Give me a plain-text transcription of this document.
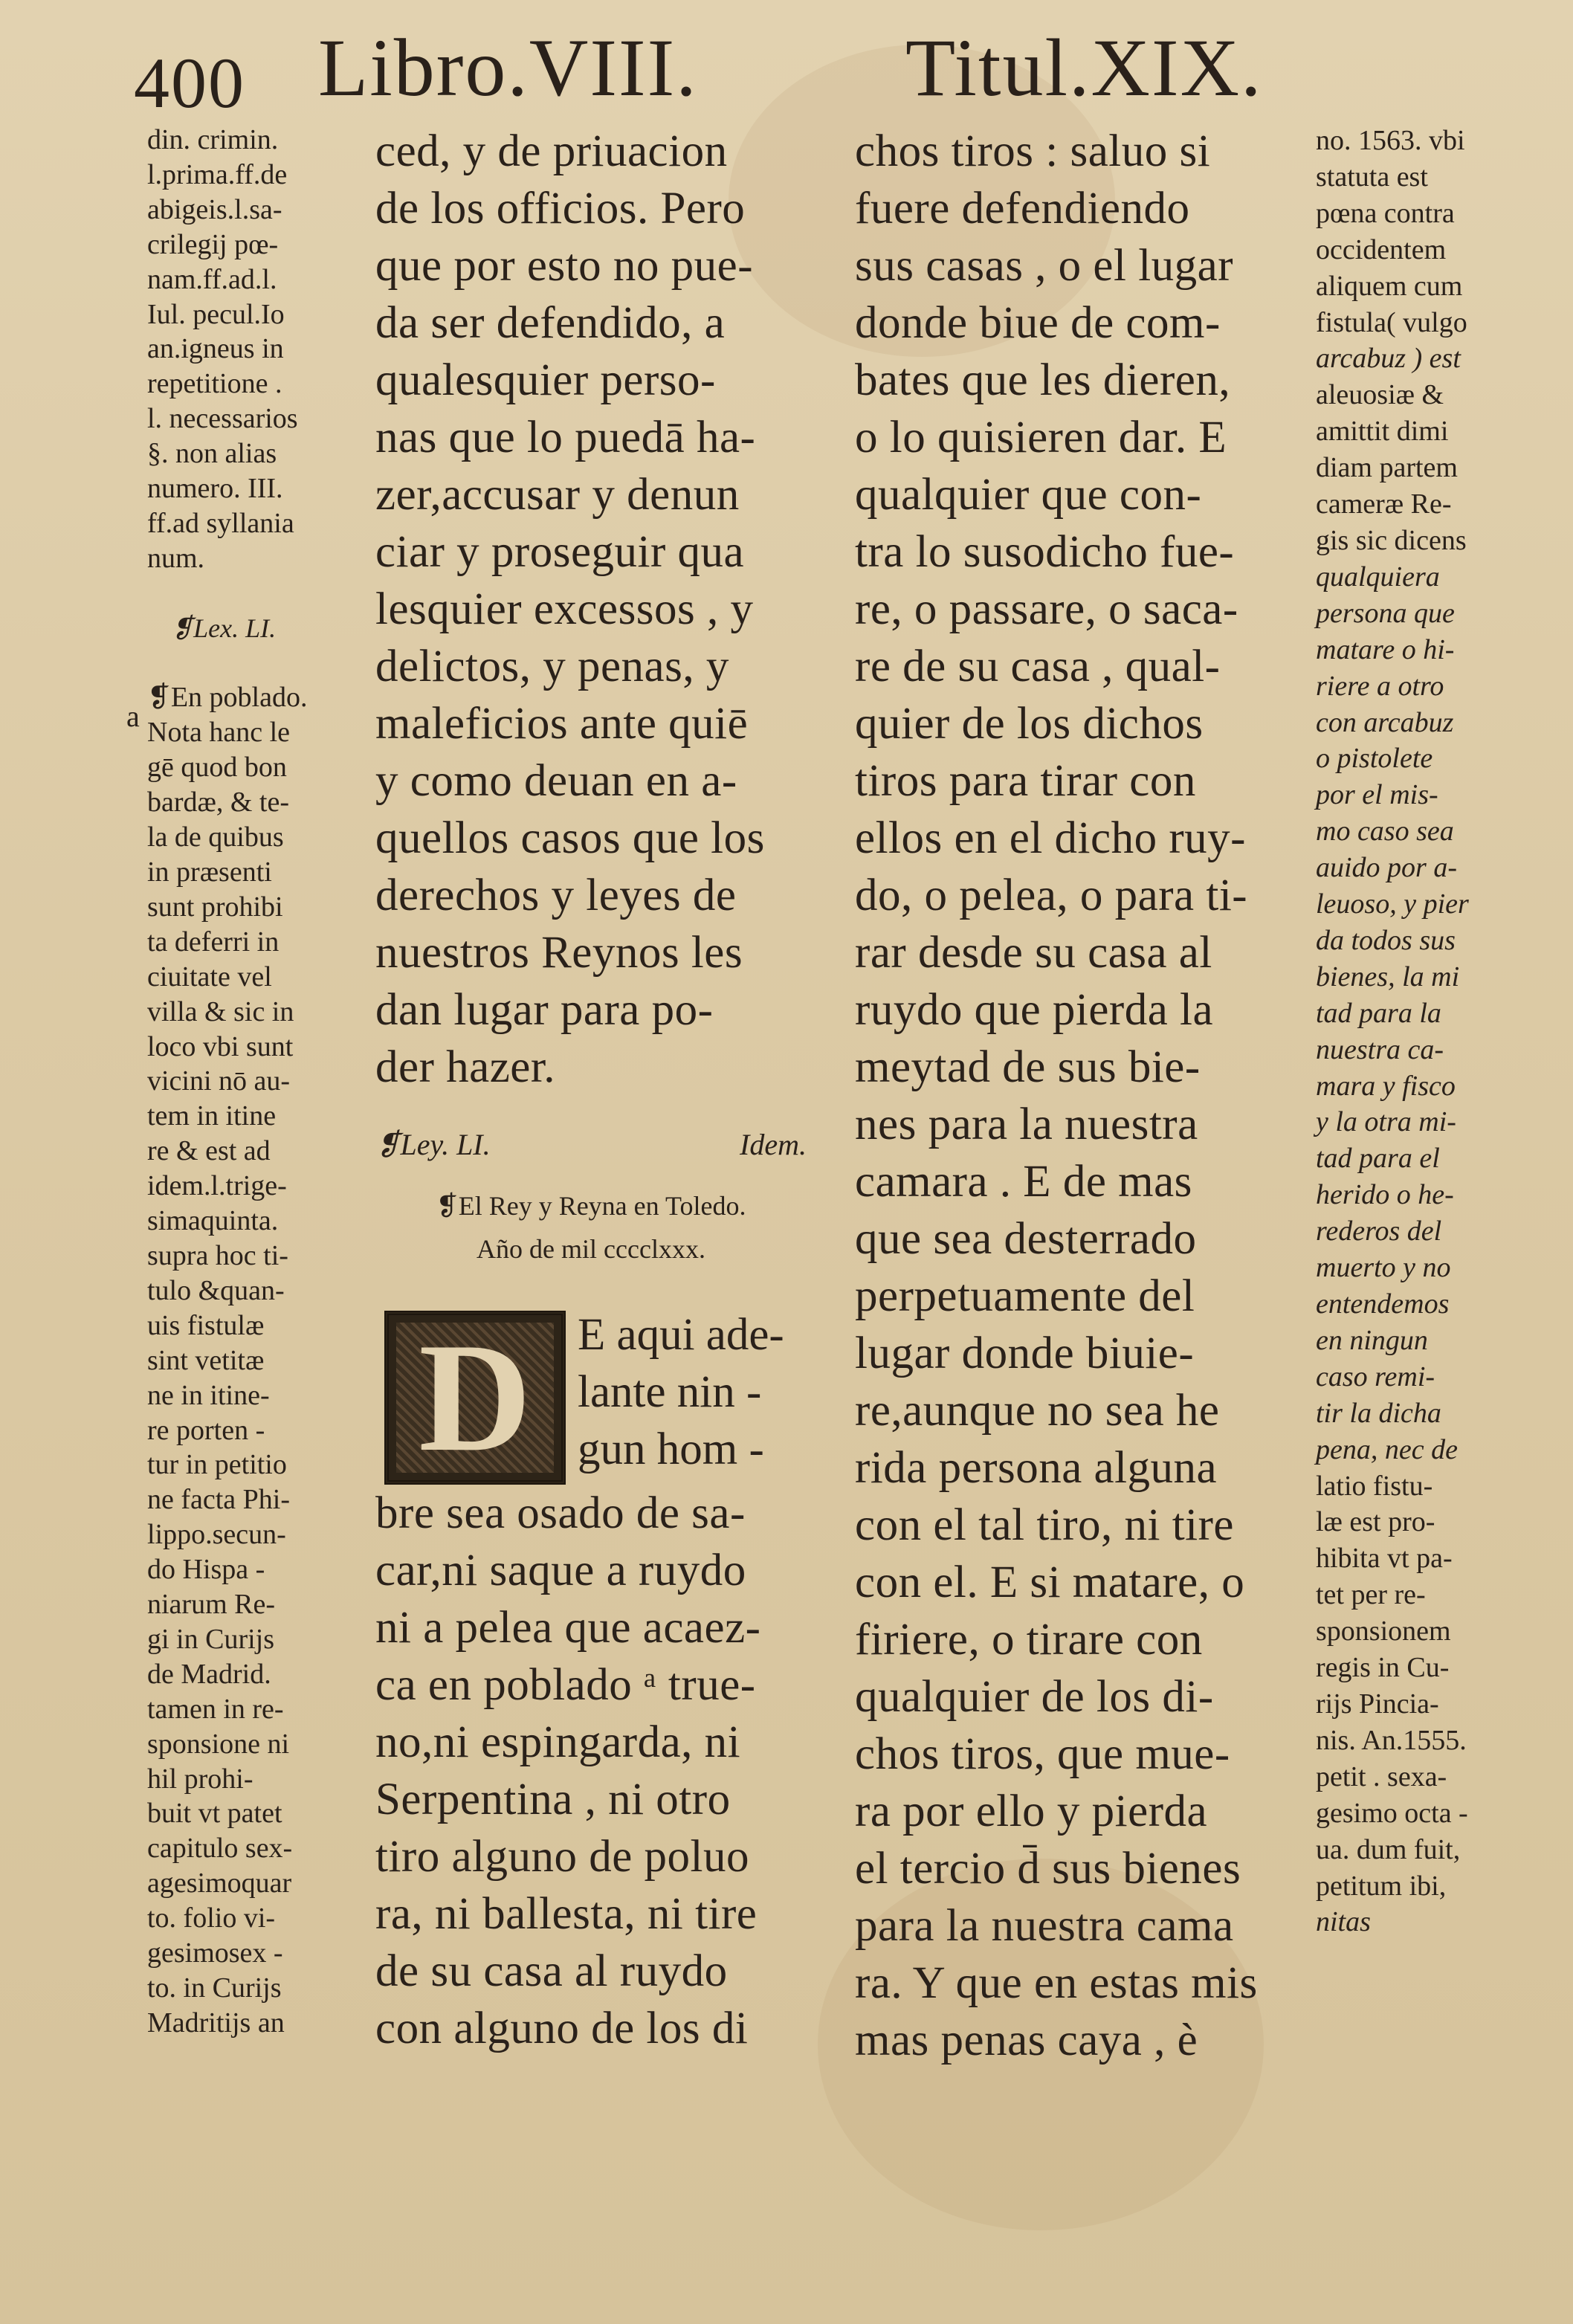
400 Libro.VIII.	Titul.XIX.
din. crimin.
l.prima.ff.de
abigeis.l.sa-
crilegij pœ-
nam.ff.ad.l.
Iul. pecul.Io
an.igneus in
repetitione .
l. necessarios
§. non alias
numero. III.
ff.ad syllania
num.
❡Lex. LI.
❡En poblado.
Nota hanc le
gē quod bon
bardæ, & te-
la de quibus
in præsenti
sunt prohibi
ta deferri in
ciuitate vel
villa & sic in
loco vbi sunt
vicini nō au-
tem in itine
re & est ad
idem.l.trige-
simaquinta.
supra hoc ti-
tulo &quan-
uis fistulæ
sint vetitæ
ne in itine-
re porten -
tur in petitio
ne facta Phi-
lippo.secun-
do Hispa -
niarum Re-
gi in Curijs
de Madrid.
tamen in re-
sponsione ni
hil prohi-
buit vt patet
capitulo sex-
agesimoquar
to. folio vi-
gesimosex -
to. in Curijs
Madritijs an
a
ced, y de priuacion
de los officios. Pero
que por esto no pue-
da ser defendido, a
qualesquier perso-
nas que lo puedā ha-
zer,accusar y denun
ciar y proseguir qua
lesquier excessos , y
delictos, y penas, y
maleficios ante quiē
y como deuan en a-
quellos casos que los
derechos y leyes de
nuestros Reynos les
dan lugar para po-
der hazer.
❡Ley. LI.	Idem.
❡El Rey y Reyna en Toledo.
Año de mil cccclxxx.
D	E aqui ade-
lante nin -
gun hom -
bre sea osado de sa-
car,ni saque a ruydo
ni a pelea que acaez-
ca en poblado ᵃ true-
no,ni espingarda, ni
Serpentina , ni otro
tiro alguno de poluo
ra, ni ballesta, ni tire
de su casa al ruydo
con alguno de los di
chos tiros : saluo si
fuere defendiendo
sus casas , o el lugar
donde biue de com-
bates que les dieren,
o lo quisieren dar. E
qualquier que con-
tra lo susodicho fue-
re, o passare, o saca-
re de su casa , qual-
quier de los dichos
tiros para tirar con
ellos en el dicho ruy-
do, o pelea, o para ti-
rar desde su casa al
ruydo que pierda la
meytad de sus bie-
nes para la nuestra
camara . E de mas
que sea desterrado
perpetuamente del
lugar donde biuie-
re,aunque no sea he
rida persona alguna
con el tal tiro, ni tire
con el. E si matare, o
firiere, o tirare con
qualquier de los di-
chos tiros, que mue-
ra por ello y pierda
el tercio d̄ sus bienes
para la nuestra cama
ra. Y que en estas mis
mas penas caya , è
no. 1563. vbi
statuta est
pœna contra
occidentem
aliquem cum
fistula( vulgo
arcabuz ) est
aleuosiæ &
amittit dimi
diam partem
cameræ Re-
gis sic dicens
qualquiera
persona que
matare o hi-
riere a otro
con arcabuz
o pistolete
por el mis-
mo caso sea
auido por a-
leuoso, y pier
da todos sus
bienes, la mi
tad para la
nuestra ca-
mara y fisco
y la otra mi-
tad para el
herido o he-
rederos del
muerto y no
entendemos
en ningun
caso remi-
tir la dicha
pena, nec de
latio fistu-
læ est pro-
hibita vt pa-
tet per re-
sponsionem
regis in Cu-
rijs Pincia-
nis. An.1555.
petit . sexa-
gesimo octa -
ua. dum fuit,
petitum ibi,
nitas
